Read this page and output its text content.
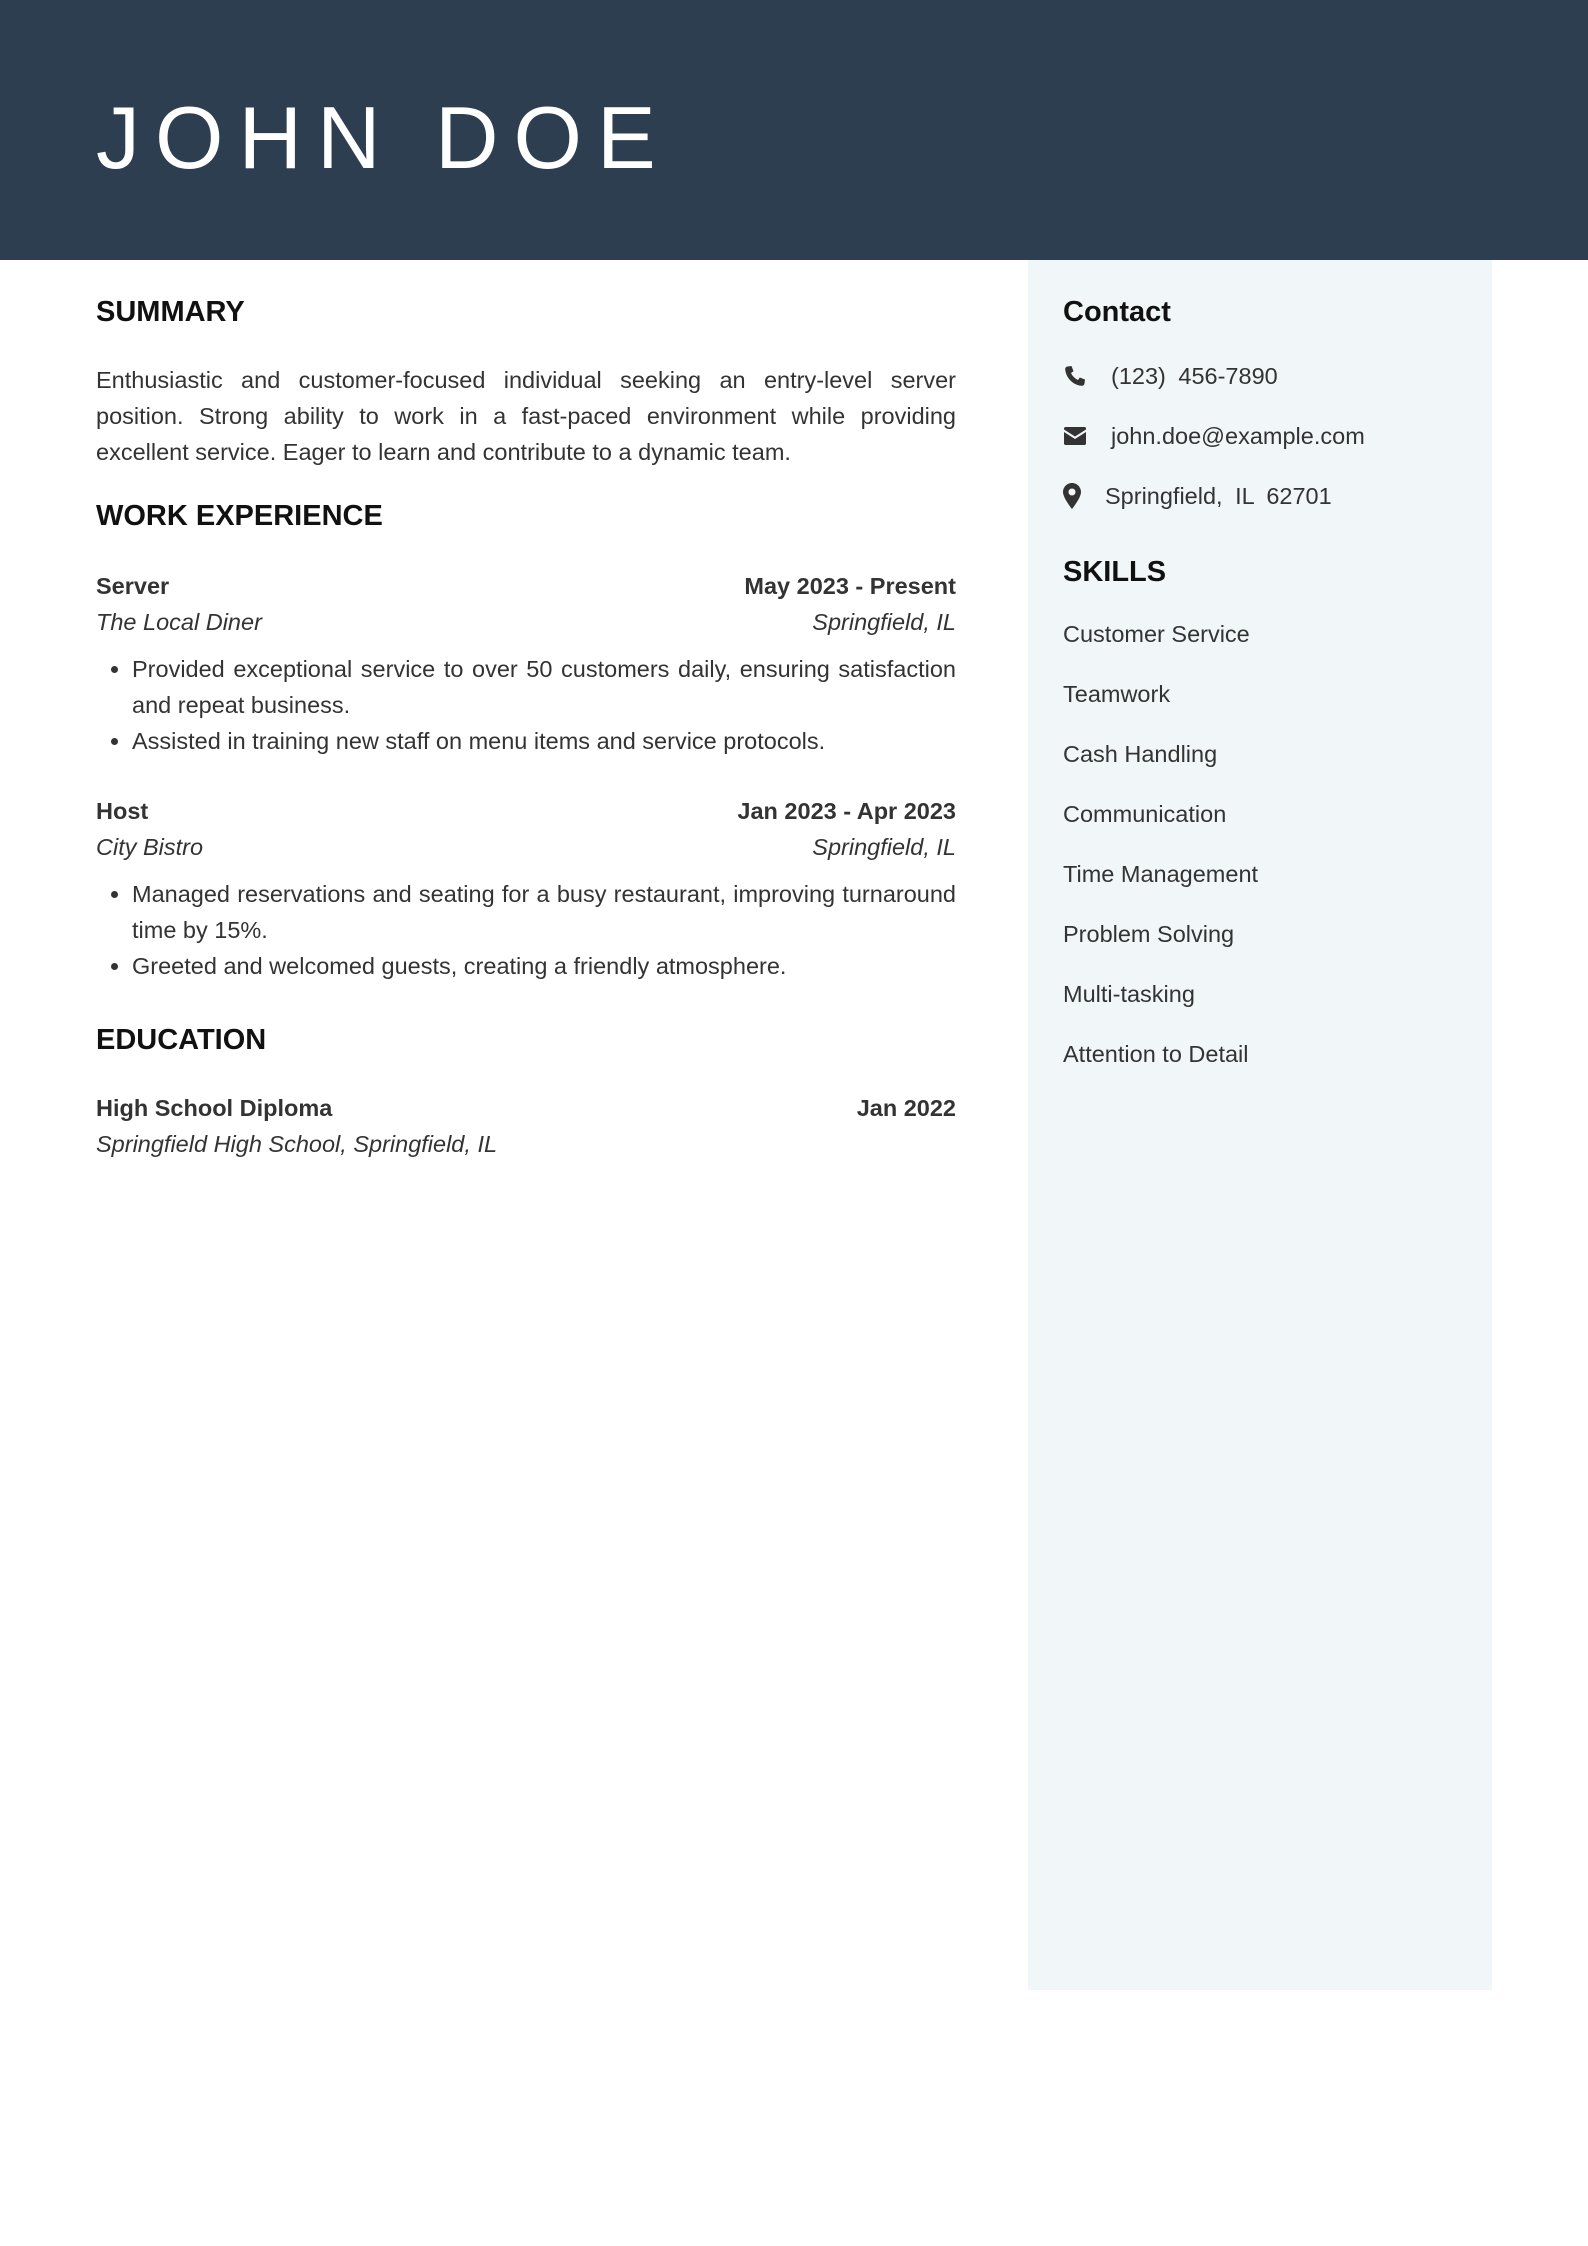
JOHN DOE
SUMMARY

Enthusiastic and customer-focused individual seeking an entry-level server position. Strong ability to work in a fast-paced environment while providing excellent service. Eager to learn and contribute to a dynamic team.

WORK EXPERIENCE
Server	May 2023 - Present
The Local Diner	Springfield, IL
• Provided exceptional service to over 50 customers daily, ensuring satisfaction and repeat business.
• Assisted in training new staff on menu items and service protocols.
Host	Jan 2023 - Apr 2023
City Bistro	Springfield, IL
• Managed reservations and seating for a busy restaurant, improving turnaround time by 15%.
• Greeted and welcomed guests, creating a friendly atmosphere.
EDUCATION
High School Diploma	Jan 2022
Springfield High School, Springfield, IL
Contact
(123) 456-7890
john.doe@example.com
Springfield, IL 62701
SKILLS
Customer Service
Teamwork
Cash Handling
Communication
Time Management
Problem Solving
Multi-tasking
Attention to Detail
